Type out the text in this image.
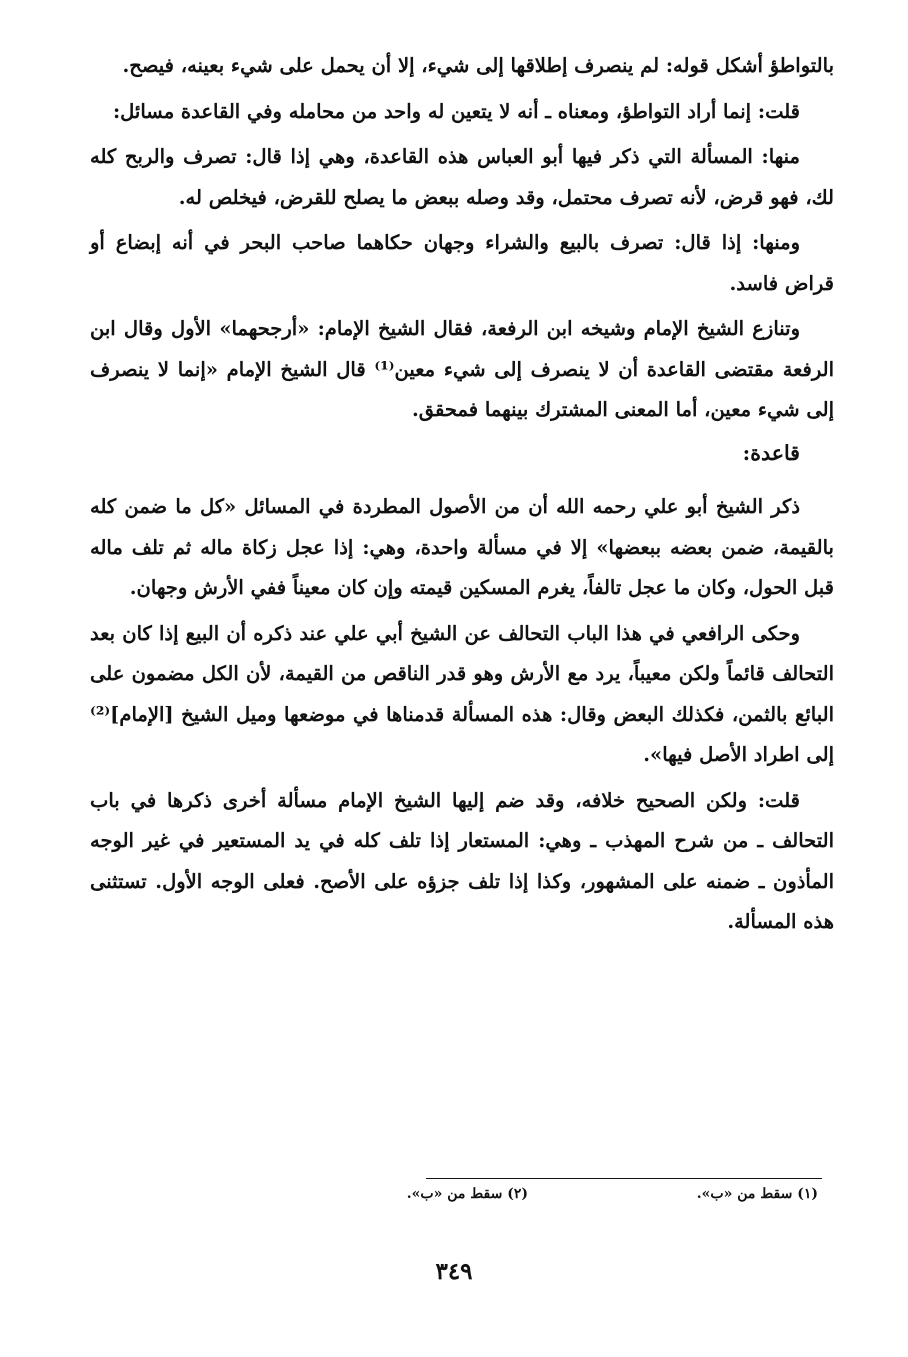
بالتواطؤ أشكل قوله: لم ينصرف إطلاقها إلى شيء، إلا أن يحمل على شيء بعينه، فيصح.

قلت: إنما أراد التواطؤ، ومعناه ـ أنه لا يتعين له واحد من محامله وفي القاعدة مسائل:

منها: المسألة التي ذكر فيها أبو العباس هذه القاعدة، وهي إذا قال: تصرف والربح كله لك، فهو قرض، لأنه تصرف محتمل، وقد وصله ببعض ما يصلح للقرض، فيخلص له.

ومنها: إذا قال: تصرف بالبيع والشراء وجهان حكاهما صاحب البحر في أنه إبضاع أو قراض فاسد.

وتنازع الشيخ الإمام وشيخه ابن الرفعة، فقال الشيخ الإمام: «أرجحهما» الأول وقال ابن الرفعة مقتضى القاعدة أن لا ينصرف إلى شيء معين⁽¹⁾ قال الشيخ الإمام «إنما لا ينصرف إلى شيء معين، أما المعنى المشترك بينهما فمحقق.

قاعدة:

ذكر الشيخ أبو علي رحمه الله أن من الأصول المطردة في المسائل «كل ما ضمن كله بالقيمة، ضمن بعضه ببعضها» إلا في مسألة واحدة، وهي: إذا عجل زكاة ماله ثم تلف ماله قبل الحول، وكان ما عجل تالفاً، يغرم المسكين قيمته وإن كان معيناً ففي الأرش وجهان.

وحكى الرافعي في هذا الباب التحالف عن الشيخ أبي علي عند ذكره أن البيع إذا كان بعد التحالف قائماً ولكن معيباً، يرد مع الأرش وهو قدر الناقص من القيمة، لأن الكل مضمون على البائع بالثمن، فكذلك البعض وقال: هذه المسألة قدمناها في موضعها وميل الشيخ [الإمام]⁽²⁾ إلى اطراد الأصل فيها».

قلت: ولكن الصحيح خلافه، وقد ضم إليها الشيخ الإمام مسألة أخرى ذكرها في باب التحالف ـ من شرح المهذب ـ وهي: المستعار إذا تلف كله في يد المستعير في غير الوجه المأذون ـ ضمنه على المشهور، وكذا إذا تلف جزؤه على الأصح. فعلى الوجه الأول. تستثنى هذه المسألة.

(١) سقط من «ب».
(٢) سقط من «ب».
٣٤٩
